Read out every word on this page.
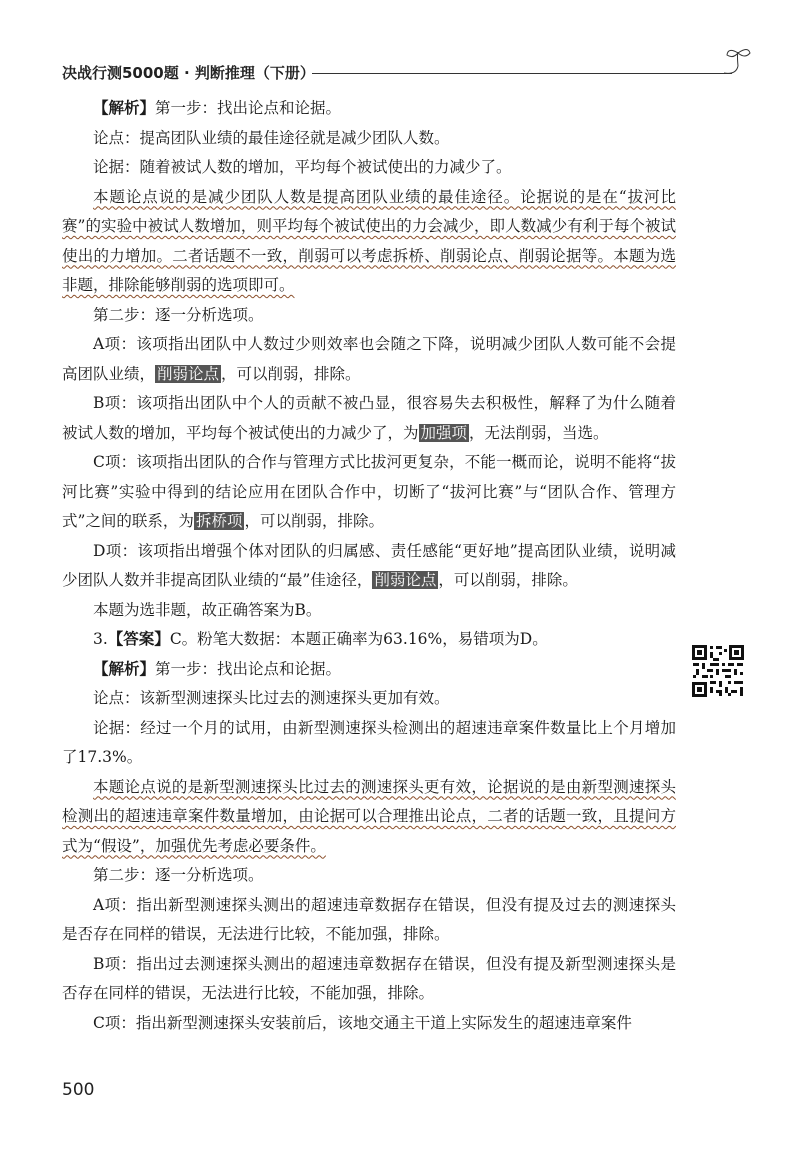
决战行测5000题 · 判断推理（下册）

【解析】第一步：找出论点和论据。

论点：提高团队业绩的最佳途径就是减少团队人数。

论据：随着被试人数的增加，平均每个被试使出的力减少了。

本题论点说的是减少团队人数是提高团队业绩的最佳途径。论据说的是在“拔河比赛”的实验中被试人数增加，则平均每个被试使出的力会减少，即人数减少有利于每个被试使出的力增加。二者话题不一致，削弱可以考虑拆桥、削弱论点、削弱论据等。本题为选非题，排除能够削弱的选项即可。

第二步：逐一分析选项。

A项：该项指出团队中人数过少则效率也会随之下降，说明减少团队人数可能不会提高团队业绩， 削弱论点 ，可以削弱，排除。

B项：该项指出团队中个人的贡献不被凸显，很容易失去积极性，解释了为什么随着被试人数的增加，平均每个被试使出的力减少了，为 加强项 ，无法削弱，当选。

C项：该项指出团队的合作与管理方式比拔河更复杂，不能一概而论，说明不能将“拔河比赛”实验中得到的结论应用在团队合作中，切断了“拔河比赛”与“团队合作、管理方式”之间的联系，为 拆桥项 ，可以削弱，排除。

D项：该项指出增强个体对团队的归属感、责任感能“更好地”提高团队业绩，说明减少团队人数并非提高团队业绩的“最”佳途径， 削弱论点 ，可以削弱，排除。

本题为选非题，故正确答案为B。

3.【答案】C。粉笔大数据：本题正确率为63.16%，易错项为D。

【解析】第一步：找出论点和论据。

论点：该新型测速探头比过去的测速探头更加有效。

论据：经过一个月的试用，由新型测速探头检测出的超速违章案件数量比上个月增加了17.3%。

本题论点说的是新型测速探头比过去的测速探头更有效，论据说的是由新型测速探头检测出的超速违章案件数量增加，由论据可以合理推出论点，二者的话题一致，且提问方式为“假设”，加强优先考虑必要条件。

第二步：逐一分析选项。

A项：指出新型测速探头测出的超速违章数据存在错误，但没有提及过去的测速探头是否存在同样的错误，无法进行比较，不能加强，排除。

B项：指出过去测速探头测出的超速违章数据存在错误，但没有提及新型测速探头是否存在同样的错误，无法进行比较，不能加强，排除。

C项：指出新型测速探头安装前后，该地交通主干道上实际发生的超速违章案件

500
